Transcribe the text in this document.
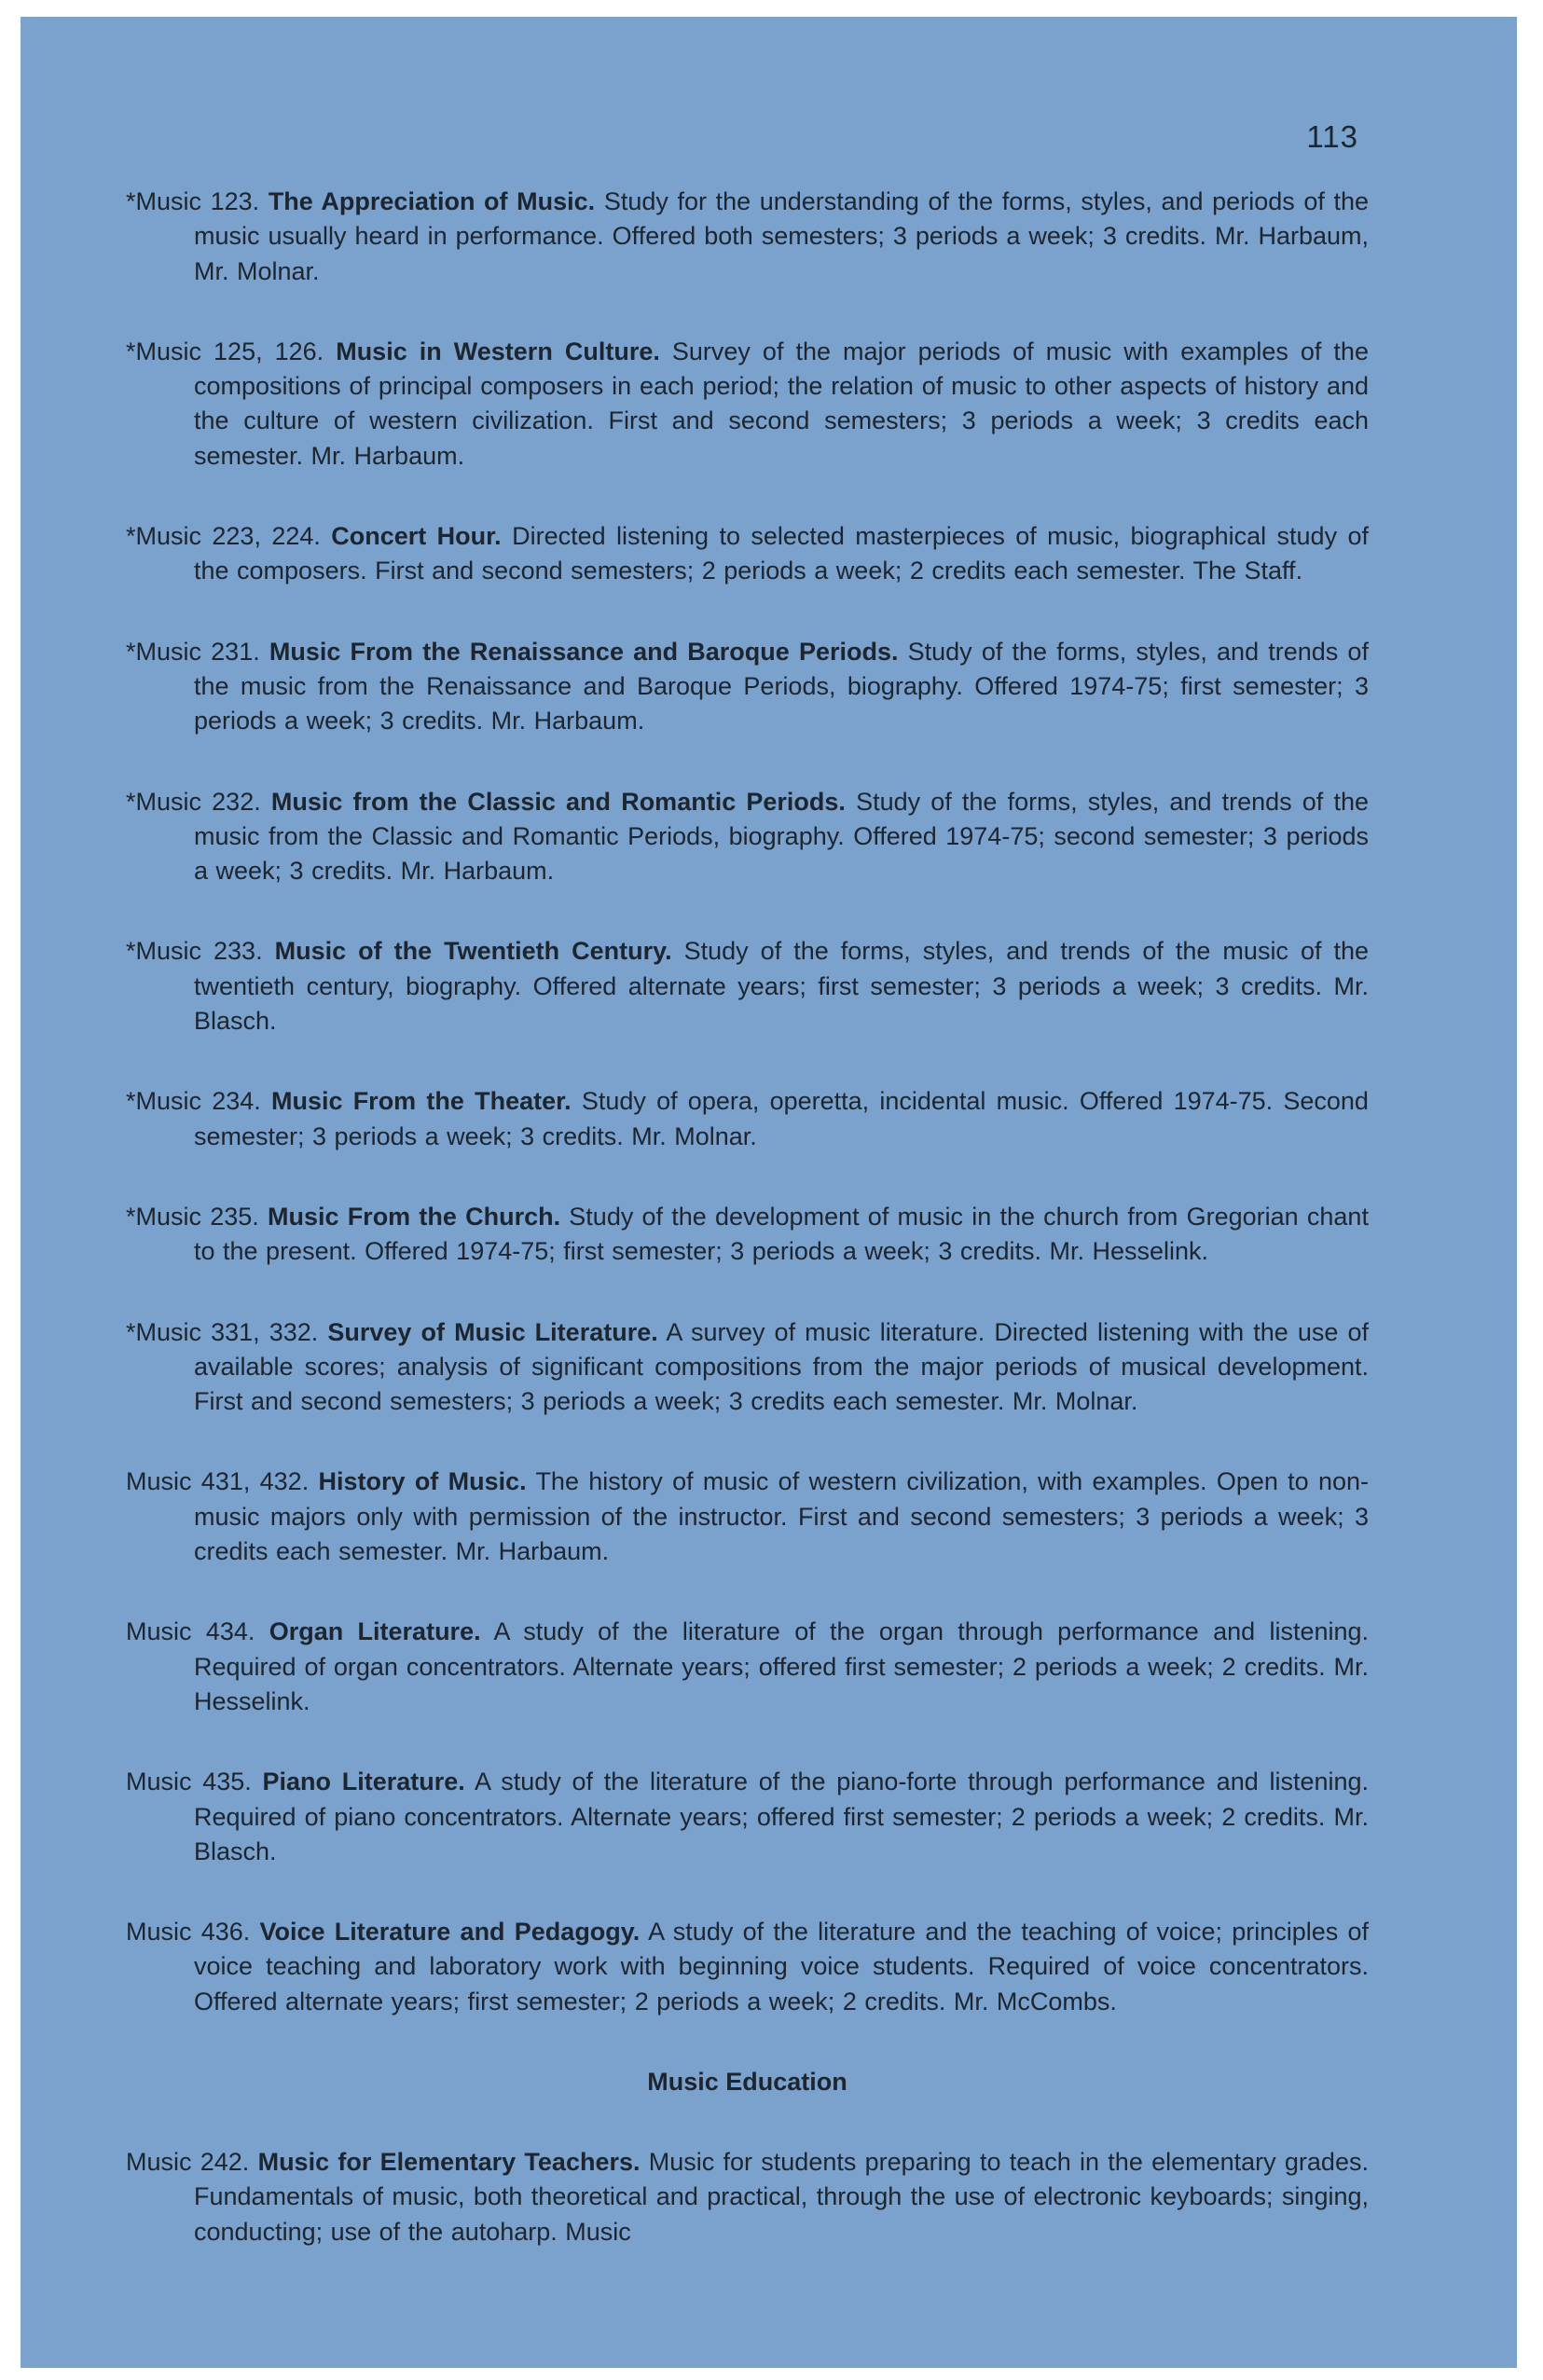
113

*Music 123. The Appreciation of Music. Study for the understanding of the forms, styles, and periods of the music usually heard in performance. Offered both semesters; 3 periods a week; 3 credits. Mr. Harbaum, Mr. Molnar.

*Music 125, 126. Music in Western Culture. Survey of the major periods of music with examples of the compositions of principal composers in each period; the relation of music to other aspects of history and the culture of western civilization. First and second semesters; 3 periods a week; 3 credits each semester. Mr. Harbaum.

*Music 223, 224. Concert Hour. Directed listening to selected masterpieces of music, biographical study of the composers. First and second semesters; 2 periods a week; 2 credits each semester. The Staff.

*Music 231. Music From the Renaissance and Baroque Periods. Study of the forms, styles, and trends of the music from the Renaissance and Baroque Periods, biography. Offered 1974-75; first semester; 3 periods a week; 3 credits. Mr. Harbaum.

*Music 232. Music from the Classic and Romantic Periods. Study of the forms, styles, and trends of the music from the Classic and Romantic Periods, biography. Offered 1974-75; second semester; 3 periods a week; 3 credits. Mr. Harbaum.

*Music 233. Music of the Twentieth Century. Study of the forms, styles, and trends of the music of the twentieth century, biography. Offered alternate years; first semester; 3 periods a week; 3 credits. Mr. Blasch.

*Music 234. Music From the Theater. Study of opera, operetta, incidental music. Offered 1974-75. Second semester; 3 periods a week; 3 credits. Mr. Molnar.

*Music 235. Music From the Church. Study of the development of music in the church from Gregorian chant to the present. Offered 1974-75; first semester; 3 periods a week; 3 credits. Mr. Hesselink.

*Music 331, 332. Survey of Music Literature. A survey of music literature. Directed listening with the use of available scores; analysis of significant compositions from the major periods of musical development. First and second semesters; 3 periods a week; 3 credits each semester. Mr. Molnar.

Music 431, 432. History of Music. The history of music of western civilization, with examples. Open to non-music majors only with permission of the instructor. First and second semesters; 3 periods a week; 3 credits each semester. Mr. Harbaum.

Music 434. Organ Literature. A study of the literature of the organ through performance and listening. Required of organ concentrators. Alternate years; offered first semester; 2 periods a week; 2 credits. Mr. Hesselink.

Music 435. Piano Literature. A study of the literature of the piano-forte through performance and listening. Required of piano concentrators. Alternate years; offered first semester; 2 periods a week; 2 credits. Mr. Blasch.

Music 436. Voice Literature and Pedagogy. A study of the literature and the teaching of voice; principles of voice teaching and laboratory work with beginning voice students. Required of voice concentrators. Offered alternate years; first semester; 2 periods a week; 2 credits. Mr. McCombs.

Music Education

Music 242. Music for Elementary Teachers. Music for students preparing to teach in the elementary grades. Fundamentals of music, both theoretical and practical, through the use of electronic keyboards; singing, conducting; use of the autoharp. Music
